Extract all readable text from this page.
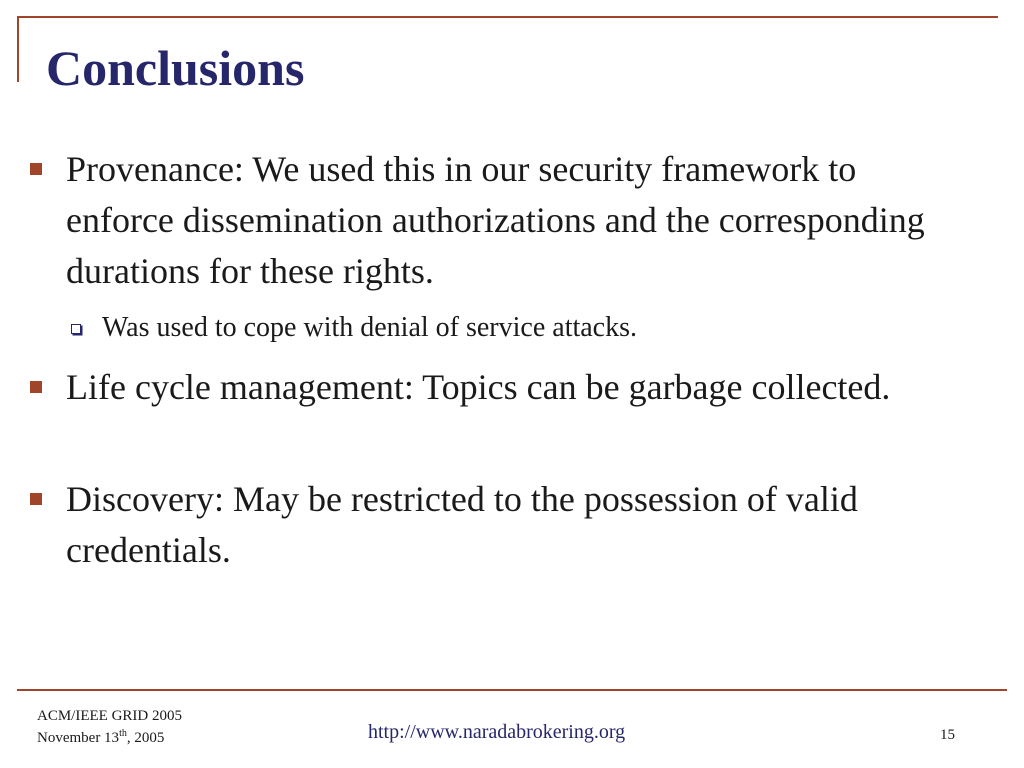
Conclusions
Provenance: We used this in our security framework to enforce dissemination authorizations and the corresponding durations for these rights.
Was used to cope with denial of service attacks.
Life cycle management: Topics can be garbage collected.
Discovery: May be restricted to the possession of valid credentials.
ACM/IEEE GRID 2005
November 13th, 2005	http://www.naradabrokering.org	15
